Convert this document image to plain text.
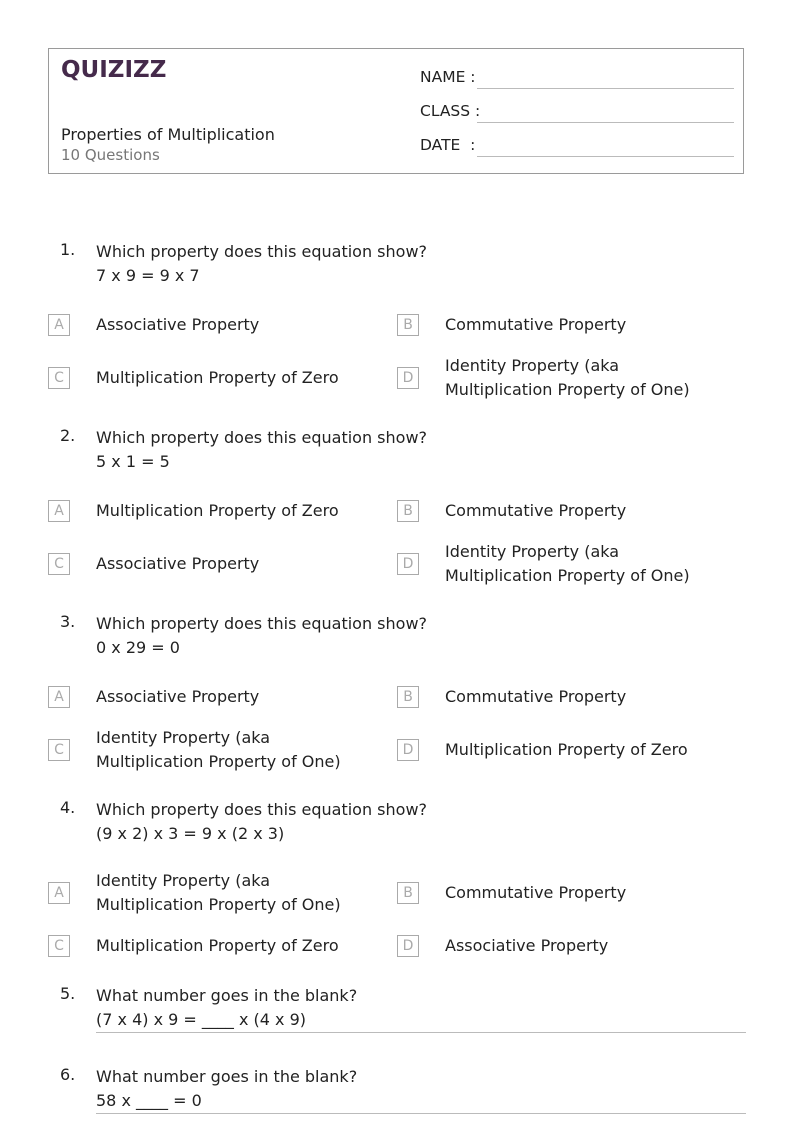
QUIZIZZ
Properties of Multiplication
10 Questions
NAME :
CLASS :
DATE  :
1. Which property does this equation show?
7 x 9 = 9 x 7
A	Associative Property	B	Commutative Property
C	Multiplication Property of Zero	D
Identity Property (aka Multiplication Property of One)
2. Which property does this equation show?
5 x 1 = 5
A	Multiplication Property of Zero	B	Commutative Property
C	Associative Property	D
Identity Property (aka Multiplication Property of One)
3. Which property does this equation show?
0 x 29 = 0
A	Associative Property	B	Commutative Property
C
Identity Property (aka Multiplication Property of One)
D	Multiplication Property of Zero
4. Which property does this equation show?
(9 x 2) x 3 = 9 x (2 x 3)
A
Identity Property (aka Multiplication Property of One)
B	Commutative Property
C	Multiplication Property of Zero	D	Associative Property
5. What number goes in the blank?
(7 x 4) x 9 = ____ x (4 x 9)
6. What number goes in the blank?
58 x ____ = 0
